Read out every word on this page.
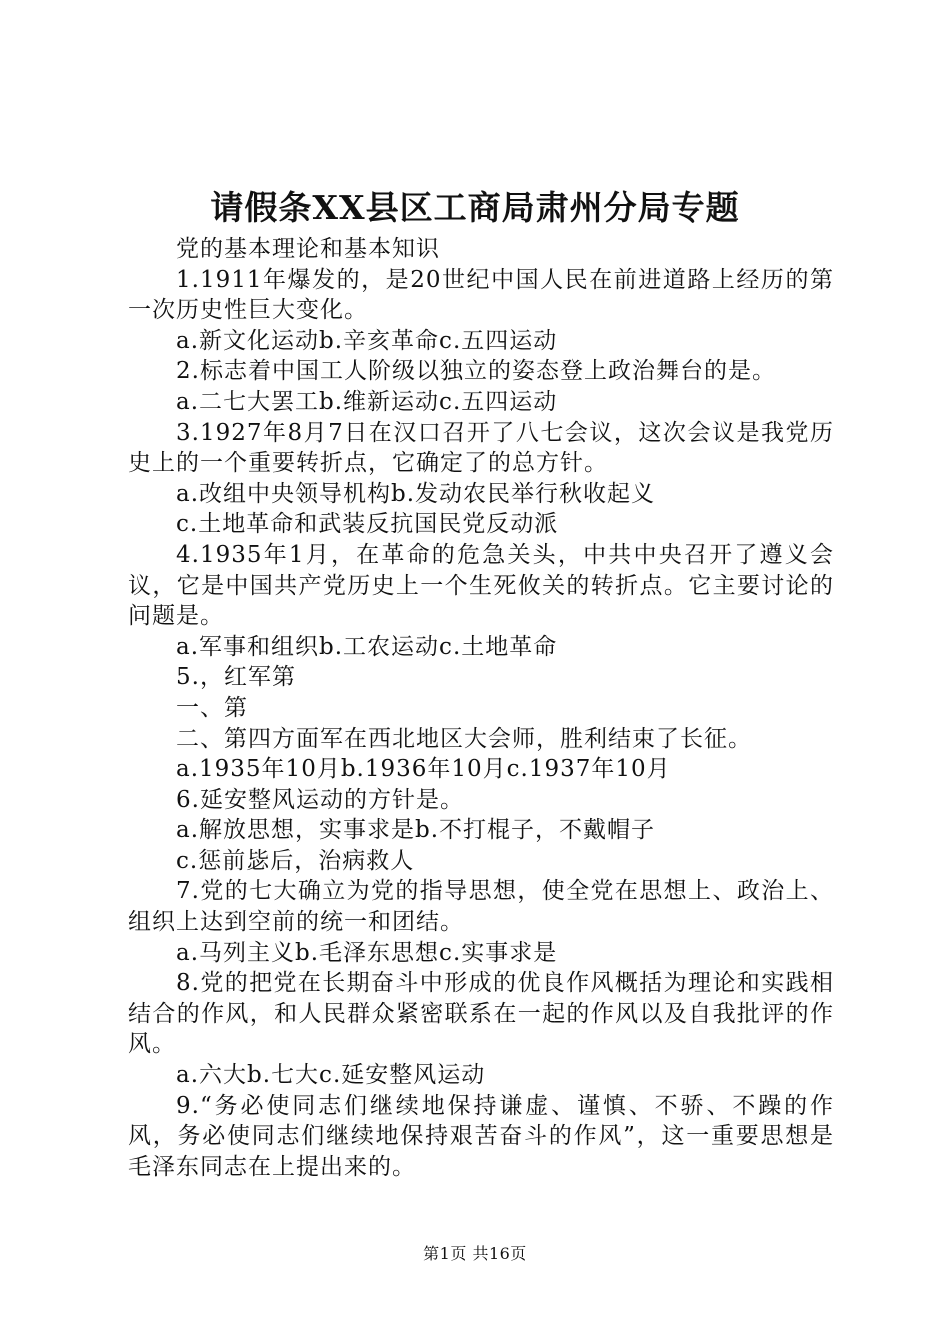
请假条XX县区工商局肃州分局专题

党的基本理论和基本知识

1.1911年爆发的，是20世纪中国人民在前进道路上经历的第一次历史性巨大变化。

a.新文化运动b.辛亥革命c.五四运动

2.标志着中国工人阶级以独立的姿态登上政治舞台的是。

a.二七大罢工b.维新运动c.五四运动

3.1927年8月7日在汉口召开了八七会议，这次会议是我党历史上的一个重要转折点，它确定了的总方针。

a.改组中央领导机构b.发动农民举行秋收起义

c.土地革命和武装反抗国民党反动派

4.1935年1月，在革命的危急关头，中共中央召开了遵义会议，它是中国共产党历史上一个生死攸关的转折点。它主要讨论的问题是。

a.军事和组织b.工农运动c.土地革命

5.，红军第

一、第

二、第四方面军在西北地区大会师，胜利结束了长征。

a.1935年10月b.1936年10月c.1937年10月

6.延安整风运动的方针是。

a.解放思想，实事求是b.不打棍子，不戴帽子

c.惩前毖后，治病救人

7.党的七大确立为党的指导思想，使全党在思想上、政治上、组织上达到空前的统一和团结。

a.马列主义b.毛泽东思想c.实事求是

8.党的把党在长期奋斗中形成的优良作风概括为理论和实践相结合的作风，和人民群众紧密联系在一起的作风以及自我批评的作风。

a.六大b.七大c.延安整风运动

9.“务必使同志们继续地保持谦虚、谨慎、不骄、不躁的作风，务必使同志们继续地保持艰苦奋斗的作风”，这一重要思想是毛泽东同志在上提出来的。

第1页 共16页
